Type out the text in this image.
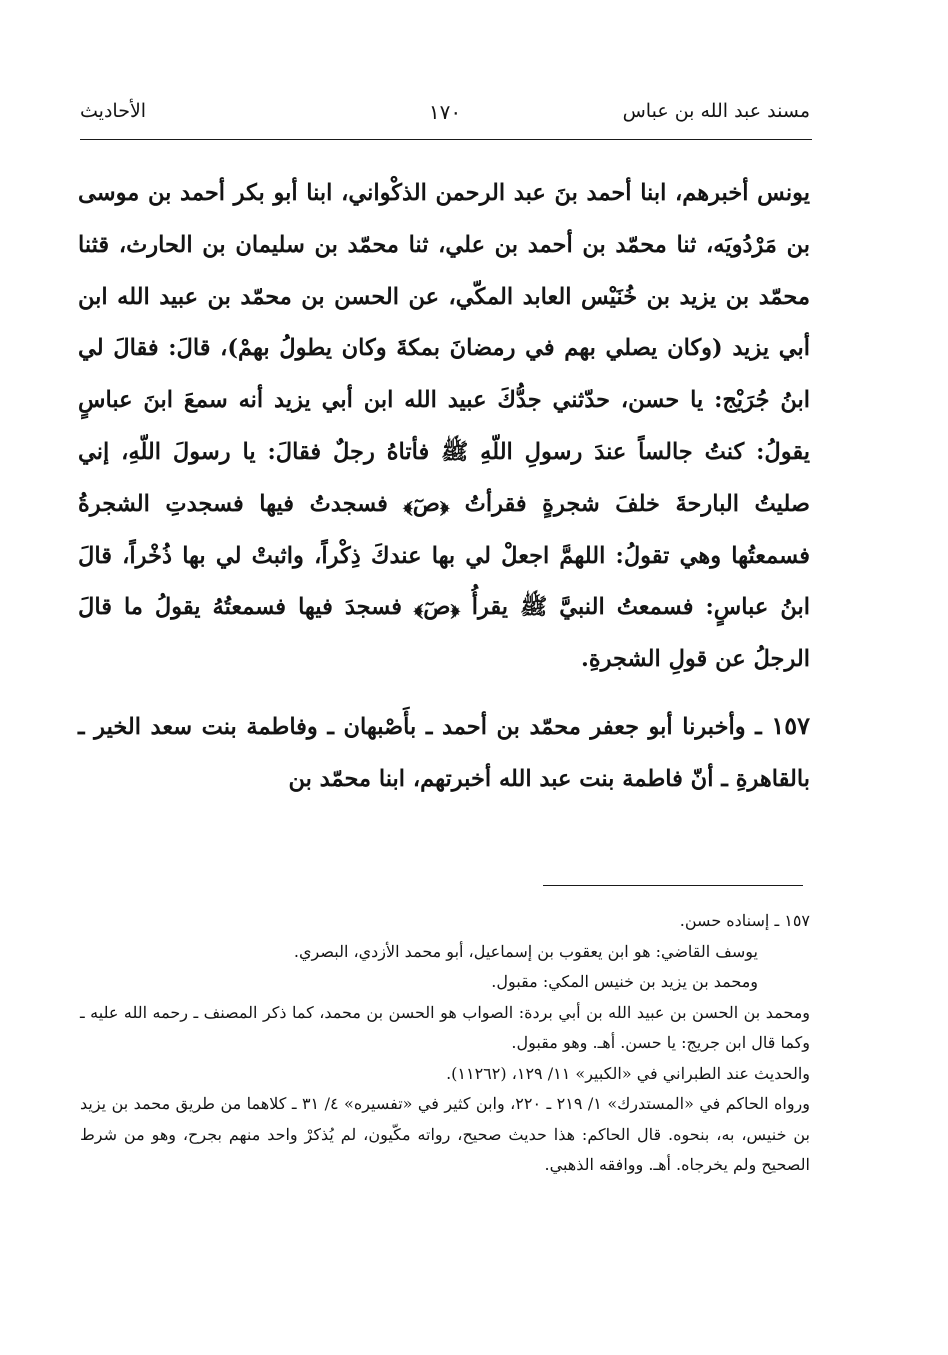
مسند عبد الله بن عباس
١٧٠
الأحاديث

يونس أخبرهم، ابنا أحمد بنَ عبد الرحمن الذكْواني، ابنا أبو بكر أحمد بن موسى بن مَرْدُويَه، ثنا محمّد بن أحمد بن علي، ثنا محمّد بن سليمان بن الحارث، قثنا محمّد بن يزيد بن خُنَيْس العابد المكّي، عن الحسن بن محمّد بن عبيد الله ابن أبي يزيد (وكان يصلي بهم في رمضانَ بمكةَ وكان يطولُ بهمْ)، قالَ: فقالَ لي ابنُ جُرَيْج: يا حسن، حدّثني جدُّكَ عبيد الله ابن أبي يزيد أنه سمعَ ابنَ عباسٍ يقولُ: كنتُ جالساً عندَ رسولِ اللّهِ ﷺ فأتاهُ رجلٌ فقالَ: يا رسولَ اللّهِ، إني صليتُ البارحةَ خلفَ شجرةٍ فقرأتُ ﴿صٓ﴾ فسجدتُ فيها فسجدتِ الشجرةُ فسمعتُها وهي تقولُ: اللهمَّ اجعلْ لي بها عندكَ ذِكْراً، واثبتْ لي بها ذُخْراً، قالَ ابنُ عباسٍ: فسمعتُ النبيَّ ﷺ يقرأُ ﴿صٓ﴾ فسجدَ فيها فسمعتُهُ يقولُ ما قالَ الرجلُ عن قولِ الشجرةِ.

١٥٧ ـ وأخبرنا أبو جعفر محمّد بن أحمد ـ بأَصْبهان ـ وفاطمة بنت سعد الخير ـ بالقاهرةِ ـ أنّ فاطمة بنت عبد الله أخبرتهم، ابنا محمّد بن

١٥٧ ـ إسناده حسن.

يوسف القاضي: هو ابن يعقوب بن إسماعيل، أبو محمد الأزدي، البصري.

ومحمد بن يزيد بن خنيس المكي: مقبول.

ومحمد بن الحسن بن عبيد الله بن أبي بردة: الصواب هو الحسن بن محمد، كما ذكر المصنف ـ رحمه الله عليه ـ وكما قال ابن جريج: يا حسن. أهـ. وهو مقبول.

والحديث عند الطبراني في «الكبير» ١١/ ١٢٩، (١١٢٦٢).

ورواه الحاكم في «المستدرك» ١/ ٢١٩ ـ ٢٢٠، وابن كثير في «تفسيره» ٤/ ٣١ ـ كلاهما من طريق محمد بن يزيد بن خنيس، به، بنحوه. قال الحاكم: هذا حديث صحيح، رواته مكّيون، لم يُذكرْ واحد منهم بجرح، وهو من شرط الصحيح ولم يخرجاه. أهـ. ووافقه الذهبي.
